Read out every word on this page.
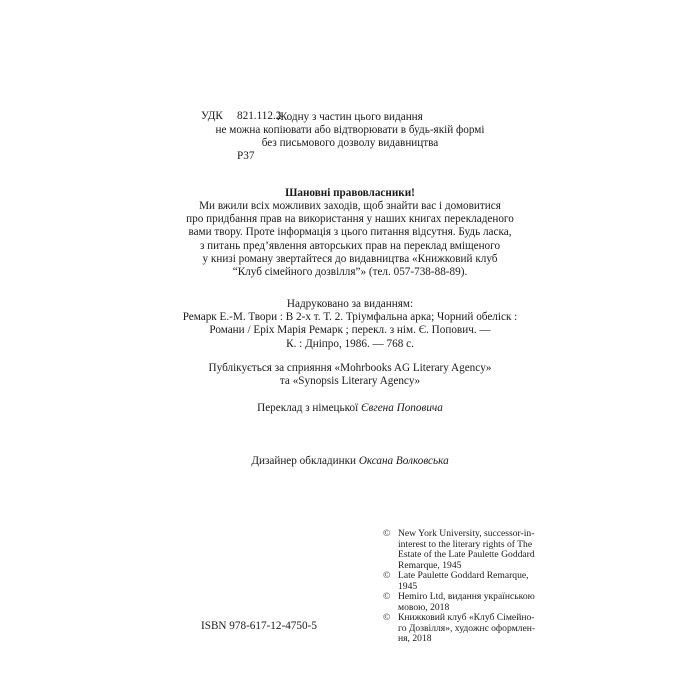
УДК 821.112.2

Р37

Жодну з частин цього видання
не можна копіювати або відтворювати в будь-якій формі
без письмового дозволу видавництва
Шановні правовласники!
Ми вжили всіх можливих заходів, щоб знайти вас і домовитися
про придбання прав на використання у наших книгах перекладеного
вами твору. Проте інформація з цього питання відсутня. Будь ласка,
з питань пред’явлення авторських прав на переклад вміщеного
у книзі роману звертайтеся до видавництва «Книжковий клуб
“Клуб сімейного дозвілля”» (тел. 057-738-88-89).
Надруковано за виданням:
Ремарк Е.-М. Твори : В 2-х т. Т. 2. Тріумфальна арка; Чорний обеліск :
Романи / Еріх Марія Ремарк ; перекл. з нім. Є. Попович. —
К. : Дніпро, 1986. — 768 с.
Публікується за сприяння «Mohrbooks AG Literary Agency»
та «Synopsis Literary Agency»
Переклад з німецької Євгена Поповича
Дизайнер обкладинки Оксана Волковська
© New York University, successor-in-
interest to the literary rights of The
Estate of the Late Paulette Goddard
Remarque, 1945
© Late Paulette Goddard Remarque,
1945
© Hemiro Ltd, видання українською
мовою, 2018
© Книжковий клуб «Клуб Сімейно-
го Дозвілля», художнє оформлен-
ня, 2018
ISBN 978-617-12-4750-5
